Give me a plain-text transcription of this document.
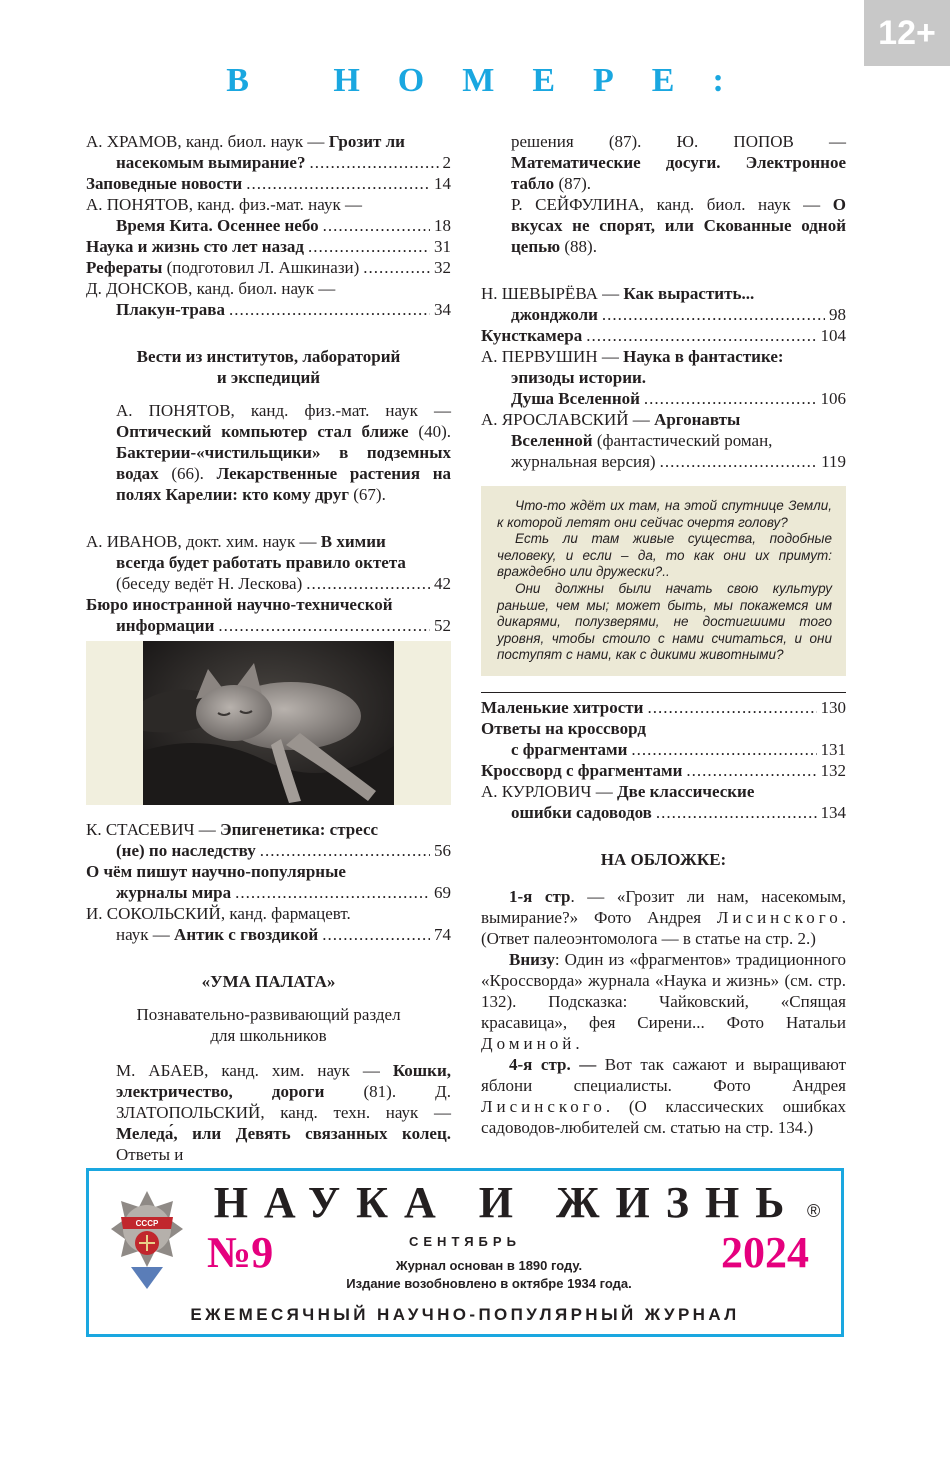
12+
В НОМЕРЕ:
А. ХРАМОВ, канд. биол. наук — Грозит ли
насекомым вымирание? .....	2
Заповедные новости .....	14
А. ПОНЯТОВ, канд. физ.-мат. наук —
Время Кита. Осеннее небо .....	18
Наука и жизнь сто лет назад .....	31
Рефераты (подготовил Л. Ашкинази) .....	32
Д. ДОНСКОВ, канд. биол. наук —
Плакун-трава .....	34

Вести из институтов, лабораторий

и экспедиций

А. ПОНЯТОВ, канд. физ.-мат. наук — Оптический компьютер стал ближе (40). Бактерии-«чистильщики» в подземных водах (66). Лекарственные растения на полях Карелии: кто кому друг (67).

А. ИВАНОВ, докт. хим. наук — В химии
всегда будет работать правило октета
(беседу ведёт Н. Лескова) .....	42
Бюро иностранной научно-технической
информации .....	52
К. СТАСЕВИЧ — Эпигенетика: стресс
(не) по наследству .....	56
О чём пишут научно-популярные
журналы мира .....	69
И. СОКОЛЬСКИЙ, канд. фармацевт.
наук — Антик с гвоздикой .....	74

«УМА ПАЛАТА»

Познавательно-развивающий раздел

для школьников

М. АБАЕВ, канд. хим. наук — Кошки, электричество, дороги (81). Д. ЗЛАТОПОЛЬСКИЙ, канд. техн. наук — Меледа́, или Девять связанных колец. Ответы и

решения (87). Ю. ПОПОВ — Математические досуги. Электронное табло (87).

Р. СЕЙФУЛИНА, канд. биол. наук — О вкусах не спорят, или Скованные одной цепью (88).

Н. ШЕВЫРЁВА — Как вырастить...
джонджоли .....	98
Кунсткамера .....	104
А. ПЕРВУШИН — Наука в фантастике:
эпизоды истории.
Душа Вселенной .....	106
А. ЯРОСЛАВСКИЙ — Аргонавты
Вселенной (фантастический роман,
журнальная версия) .....	119

Что-то ждёт их там, на этой спутнице Земли, к которой летят они сейчас очертя голову?

Есть ли там живые существа, подобные человеку, и если – да, то как они их примут: враждебно или дружески?..

Они должны были начать свою культуру раньше, чем мы; может быть, мы покажемся им дикарями, полузверями, не достигшими того уровня, чтобы стоило с нами считаться, и они поступят с нами, как с дикими животными?

Маленькие хитрости .....	130
Ответы на кроссворд
с фрагментами .....	131
Кроссворд с фрагментами .....	132
А. КУРЛОВИЧ — Две классические
ошибки садоводов .....	134

НА ОБЛОЖКЕ:

1-я стр. — «Грозит ли нам, насекомым, вымирание?» Фото Андрея Лисинского. (Ответ палеоэнтомолога — в статье на стр. 2.)

Внизу: Один из «фрагментов» традиционного «Кроссворда» журнала «Наука и жизнь» (см. стр. 132). Подсказка: Чайковский, «Спящая красавица», фея Сирени... Фото Натальи Доминой.

4-я стр. — Вот так сажают и выращивают яблони специалисты. Фото Андрея Лисинского. (О классических ошибках садоводов-любителей см. статью на стр. 134.)

СССР НАУКА И ЖИЗНЬ ®
№9	СЕНТЯБРЬ	2024
Журнал основан в 1890 году.
Издание возобновлено в октябре 1934 года.
ЕЖЕМЕСЯЧНЫЙ НАУЧНО-ПОПУЛЯРНЫЙ ЖУРНАЛ
